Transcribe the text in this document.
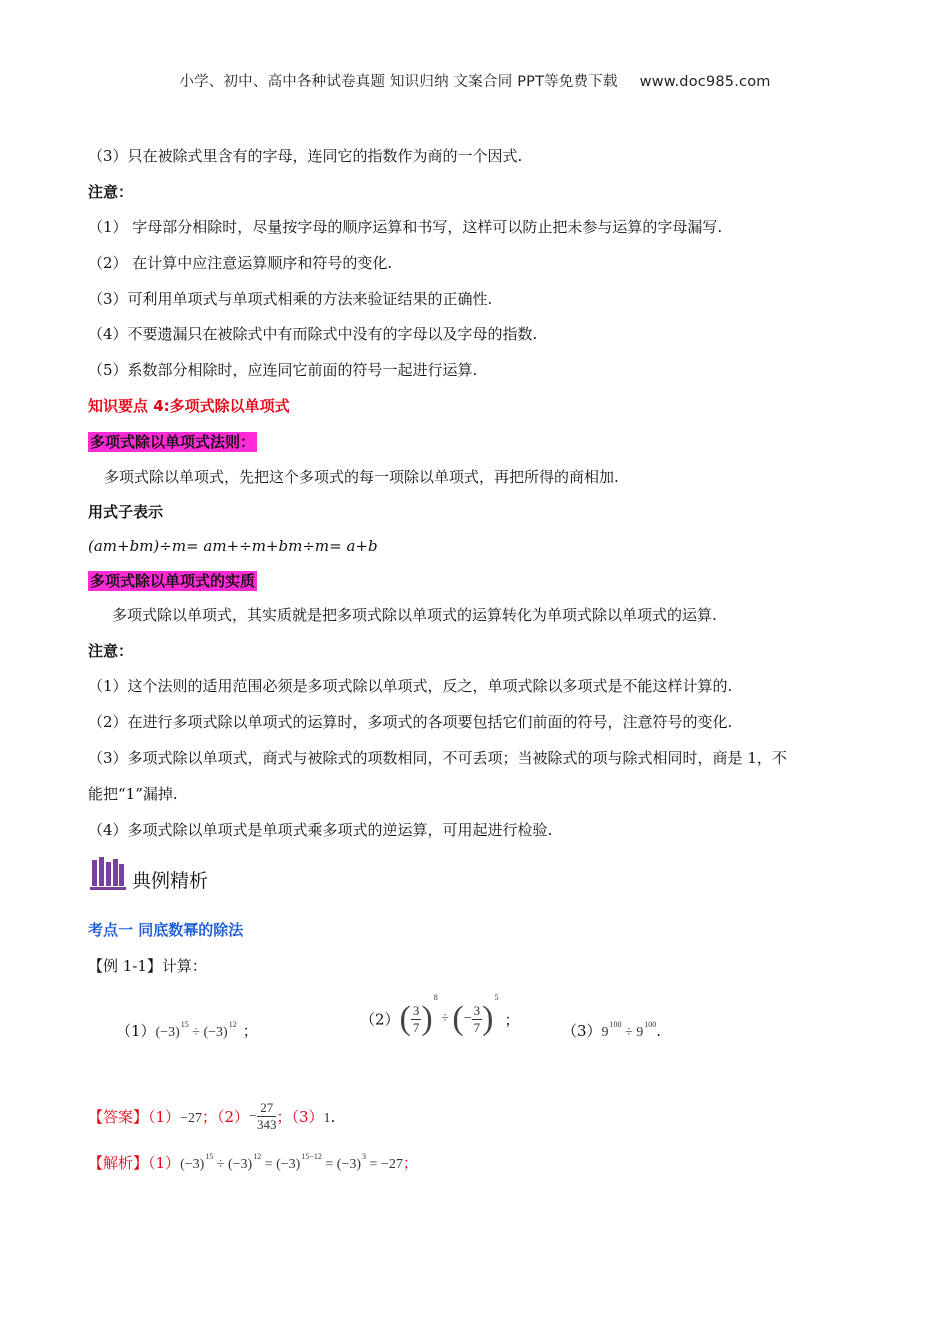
小学、初中、高中各种试卷真题 知识归纳 文案合同 PPT等免费下载 www.doc985.com
（3）只在被除式里含有的字母，连同它的指数作为商的一个因式.
注意：
（1） 字母部分相除时，尽量按字母的顺序运算和书写，这样可以防止把未参与运算的字母漏写.
（2） 在计算中应注意运算顺序和符号的变化.
（3）可利用单项式与单项式相乘的方法来验证结果的正确性.
（4）不要遗漏只在被除式中有而除式中没有的字母以及字母的指数.
（5）系数部分相除时，应连同它前面的符号一起进行运算.
知识要点 4:多项式除以单项式
多项式除以单项式法则：
多项式除以单项式，先把这个多项式的每一项除以单项式，再把所得的商相加.
用式子表示
(am+bm)÷m= am+÷m+bm÷m= a+b
多项式除以单项式的实质
多项式除以单项式，其实质就是把多项式除以单项式的运算转化为单项式除以单项式的运算.
注意：
（1）这个法则的适用范围必须是多项式除以单项式，反之，单项式除以多项式是不能这样计算的.
（2）在进行多项式除以单项式的运算时，多项式的各项要包括它们前面的符号，注意符号的变化.
（3）多项式除以单项式，商式与被除式的项数相同，不可丢项；当被除式的项与除式相同时，商是 1，不
能把“1”漏掉.
（4）多项式除以单项式是单项式乘多项式的逆运算，可用起进行检验.
典例精析
考点一 同底数幂的除法
【例 1-1】计算：
$(1)(-3)^{15} \div (-3)^{12}$ ；
$(2)( \frac{3}{7} )^8$ ÷ (− $\frac{3}{7} )^5$；
$(3)9^{100} \div 9^{100}$.
【答案】（1）−27；$(2)- \frac{27}{343}$ ；（3）1.
【解析】$(1)(-3)^{15} \div (-3)^{12} = (-3)^{15-12} = (-3)^3 = -27$；
